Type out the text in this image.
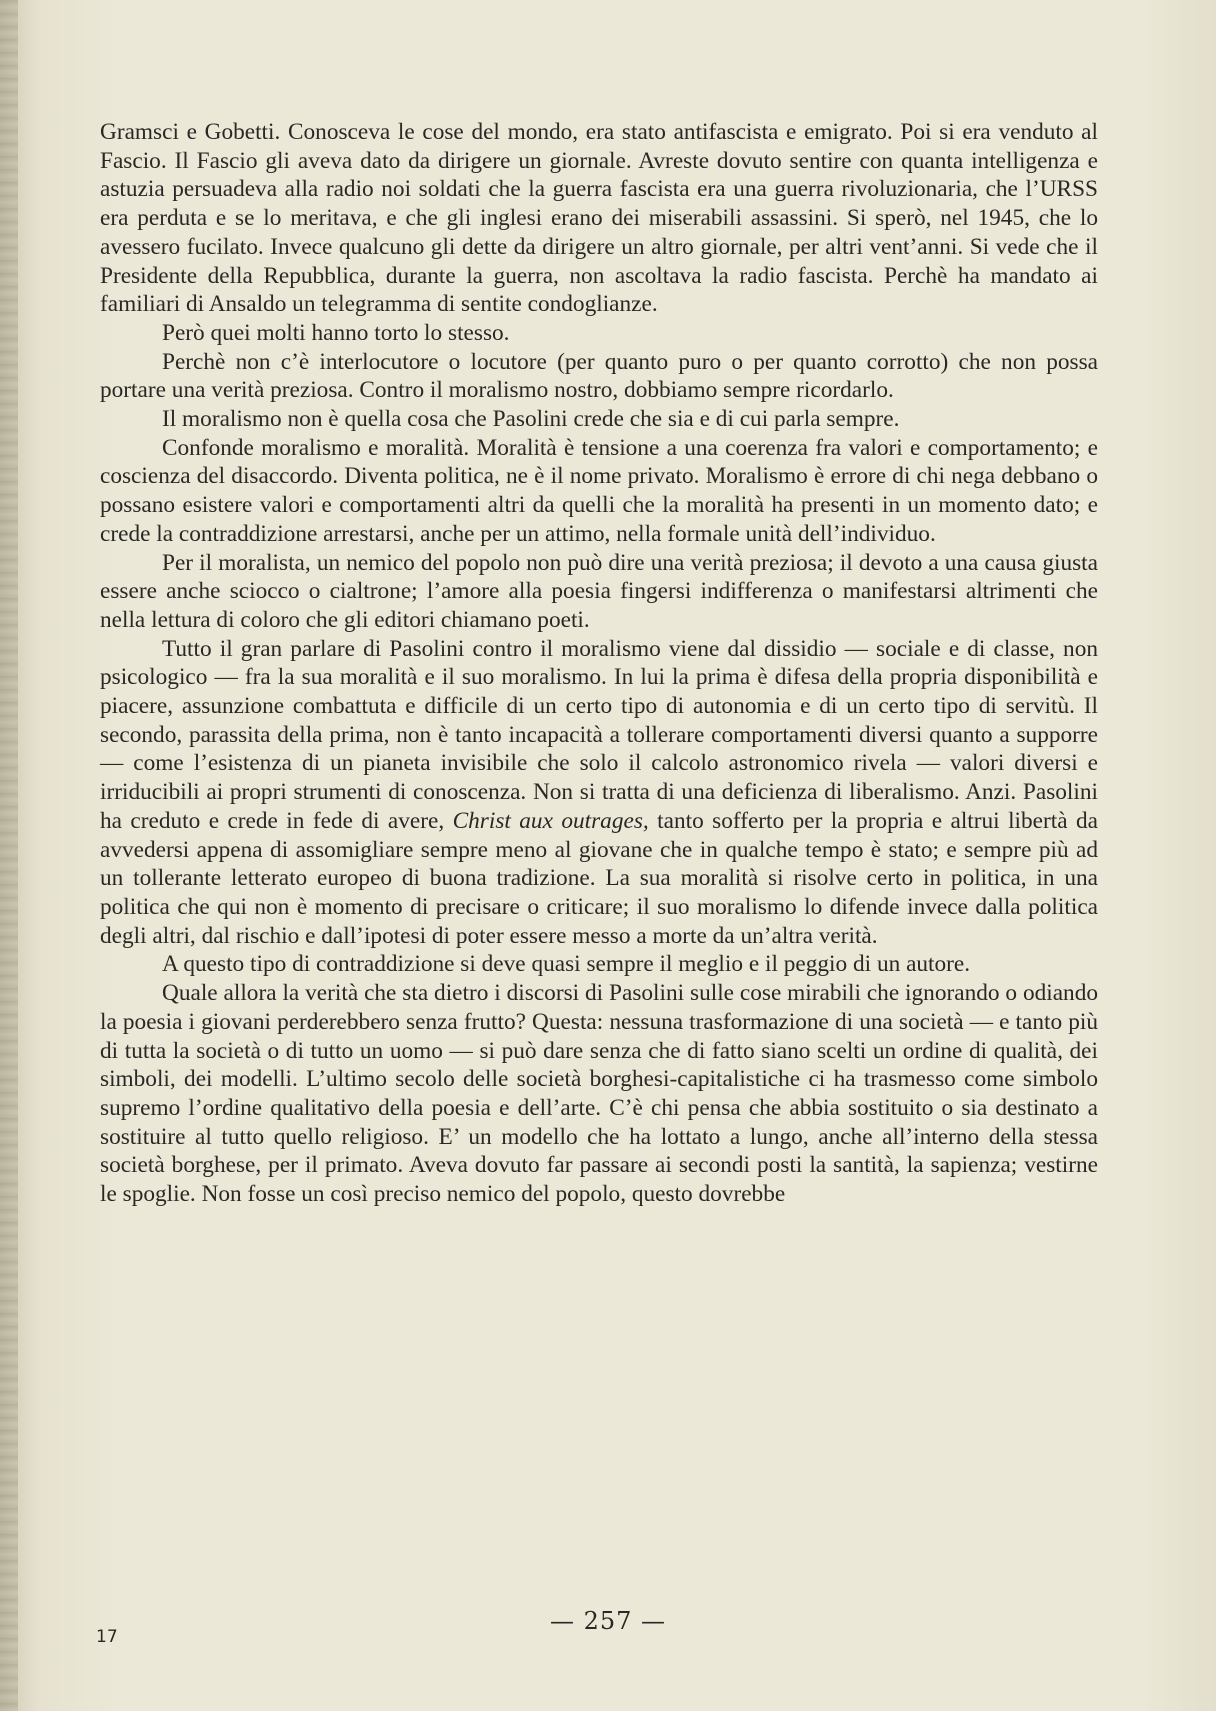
Gramsci e Gobetti. Conosceva le cose del mondo, era stato antifascista e emigrato. Poi si era venduto al Fascio. Il Fascio gli aveva dato da dirigere un giornale. Avreste dovuto sentire con quanta intelligenza e astuzia persuadeva alla radio noi soldati che la guerra fascista era una guerra rivoluzionaria, che l’URSS era perduta e se lo meritava, e che gli inglesi erano dei miserabili assassini. Si sperò, nel 1945, che lo avessero fucilato. Invece qualcuno gli dette da dirigere un altro giornale, per altri vent’anni. Si vede che il Presidente della Repubblica, durante la guerra, non ascoltava la radio fascista. Perchè ha mandato ai familiari di Ansaldo un telegramma di sentite condoglianze.

Però quei molti hanno torto lo stesso.

Perchè non c’è interlocutore o locutore (per quanto puro o per quanto corrotto) che non possa portare una verità preziosa. Contro il moralismo nostro, dobbiamo sempre ricordarlo.

Il moralismo non è quella cosa che Pasolini crede che sia e di cui parla sempre.

Confonde moralismo e moralità. Moralità è tensione a una coerenza fra valori e comportamento; e coscienza del disaccordo. Diventa politica, ne è il nome privato. Moralismo è errore di chi nega debbano o possano esistere valori e comportamenti altri da quelli che la moralità ha presenti in un momento dato; e crede la contraddizione arrestarsi, anche per un attimo, nella formale unità dell’individuo.

Per il moralista, un nemico del popolo non può dire una verità preziosa; il devoto a una causa giusta essere anche sciocco o cialtrone; l’amore alla poesia fingersi indifferenza o manifestarsi altrimenti che nella lettura di coloro che gli editori chiamano poeti.

Tutto il gran parlare di Pasolini contro il moralismo viene dal dissidio — sociale e di classe, non psicologico — fra la sua moralità e il suo moralismo. In lui la prima è difesa della propria disponibilità e piacere, assunzione combattuta e difficile di un certo tipo di autonomia e di un certo tipo di servitù. Il secondo, parassita della prima, non è tanto incapacità a tollerare comportamenti diversi quanto a supporre — come l’esistenza di un pianeta invisibile che solo il calcolo astronomico rivela — valori diversi e irriducibili ai propri strumenti di conoscenza. Non si tratta di una deficienza di liberalismo. Anzi. Pasolini ha creduto e crede in fede di avere, Christ aux outrages, tanto sofferto per la propria e altrui libertà da avvedersi appena di assomigliare sempre meno al giovane che in qualche tempo è stato; e sempre più ad un tollerante letterato europeo di buona tradizione. La sua moralità si risolve certo in politica, in una politica che qui non è momento di precisare o criticare; il suo moralismo lo difende invece dalla politica degli altri, dal rischio e dall’ipotesi di poter essere messo a morte da un’altra verità.

A questo tipo di contraddizione si deve quasi sempre il meglio e il peggio di un autore.

Quale allora la verità che sta dietro i discorsi di Pasolini sulle cose mirabili che ignorando o odiando la poesia i giovani perderebbero senza frutto? Questa: nessuna trasformazione di una società — e tanto più di tutta la società o di tutto un uomo — si può dare senza che di fatto siano scelti un ordine di qualità, dei simboli, dei modelli. L’ultimo secolo delle società borghesi-capitalistiche ci ha trasmesso come simbolo supremo l’ordine qualitativo della poesia e dell’arte. C’è chi pensa che abbia sostituito o sia destinato a sostituire al tutto quello religioso. E’ un modello che ha lottato a lungo, anche all’interno della stessa società borghese, per il primato. Aveva dovuto far passare ai secondi posti la santità, la sapienza; vestirne le spoglie. Non fosse un così preciso nemico del popolo, questo dovrebbe

17
— 257 —
